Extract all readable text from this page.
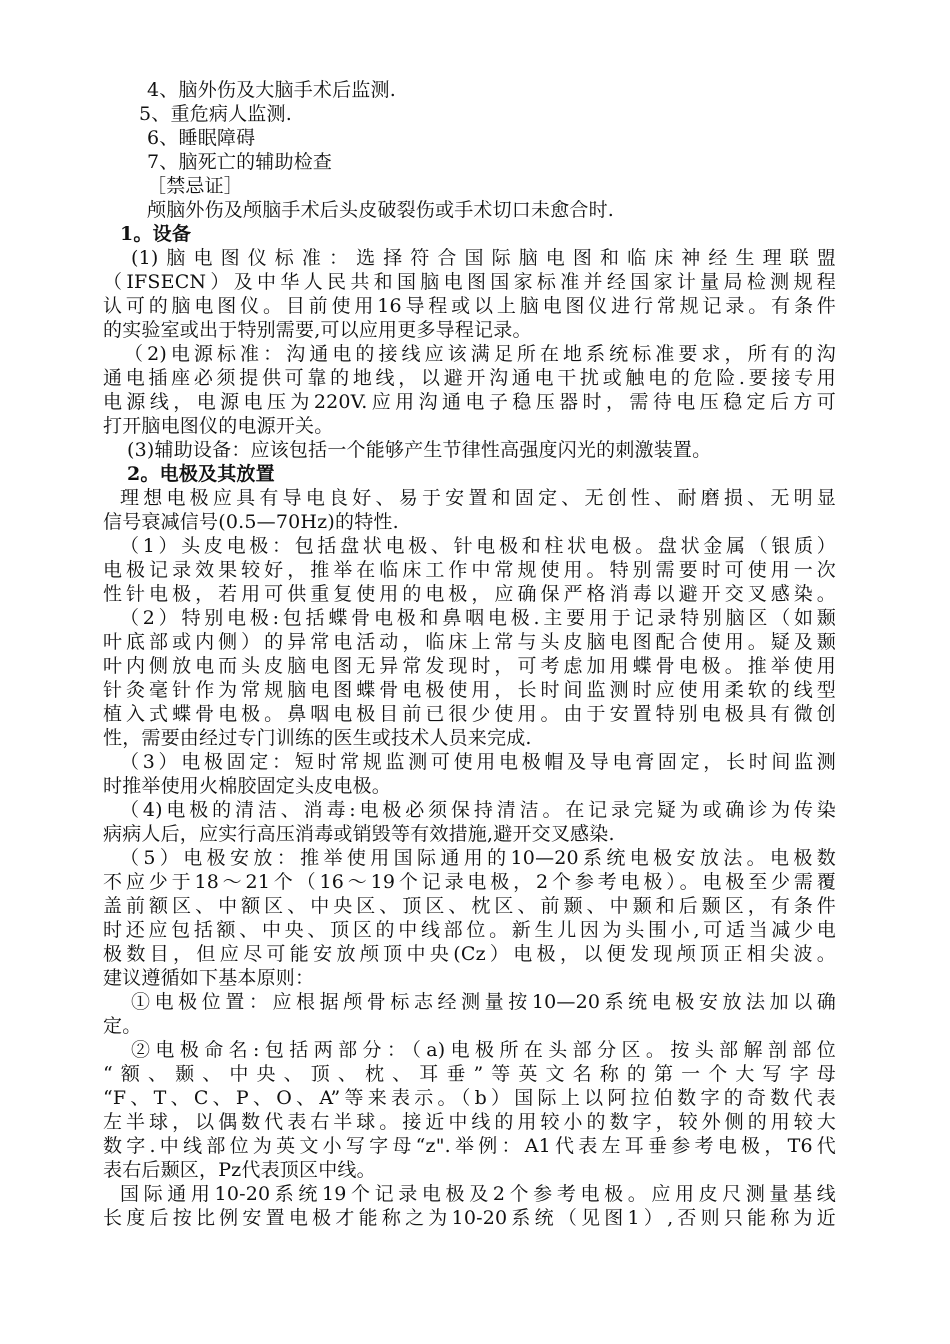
4、脑外伤及大脑手术后监测.
5、重危病人监测.
6、睡眠障碍
7、脑死亡的辅助检查
［禁忌证］
颅脑外伤及颅脑手术后头皮破裂伤或手术切口未愈合时.
1。设备
(1)脑电图仪标准：选择符合国际脑电图和临床神经生理联盟
（IFSECN）及中华人民共和国脑电图国家标准并经国家计量局检测规程
认可的脑电图仪。目前使用16导程或以上脑电图仪进行常规记录。有条件
的实验室或出于特别需要,可以应用更多导程记录。
（2)电源标准：沟通电的接线应该满足所在地系统标准要求，所有的沟
通电插座必须提供可靠的地线，以避开沟通电干扰或触电的危险.要接专用
电源线，电源电压为220V.应用沟通电子稳压器时，需待电压稳定后方可
打开脑电图仪的电源开关。
(3)辅助设备：应该包括一个能够产生节律性高强度闪光的刺激装置。
2。电极及其放置
理想电极应具有导电良好、易于安置和固定、无创性、耐磨损、无明显
信号衰减信号(0.5—70Hz)的特性.
（1）头皮电极：包括盘状电极、针电极和柱状电极。盘状金属（银质）
电极记录效果较好，推举在临床工作中常规使用。特别需要时可使用一次
性针电极，若用可供重复使用的电极，应确保严格消毒以避开交叉感染。
（2）特别电极:包括蝶骨电极和鼻咽电极.主要用于记录特别脑区（如颞
叶底部或内侧）的异常电活动，临床上常与头皮脑电图配合使用。疑及颞
叶内侧放电而头皮脑电图无异常发现时，可考虑加用蝶骨电极。推举使用
针灸毫针作为常规脑电图蝶骨电极使用，长时间监测时应使用柔软的线型
植入式蝶骨电极。鼻咽电极目前已很少使用。由于安置特别电极具有微创
性，需要由经过专门训练的医生或技术人员来完成.
（3）电极固定：短时常规监测可使用电极帽及导电膏固定，长时间监测
时推举使用火棉胶固定头皮电极。
（4)电极的清洁、消毒:电极必须保持清洁。在记录完疑为或确诊为传染
病病人后，应实行高压消毒或销毁等有效措施,避开交叉感染.
（5）电极安放：推举使用国际通用的10—20系统电极安放法。电极数
不应少于18～21个（16～19个记录电极，2个参考电极）。电极至少需覆
盖前额区、中额区、中央区、顶区、枕区、前颞、中颞和后颞区，有条件
时还应包括额、中央、顶区的中线部位。新生儿因为头围小,可适当减少电
极数目，但应尽可能安放颅顶中央(Cz）电极，以便发现颅顶正相尖波。
建议遵循如下基本原则：
①电极位置：应根据颅骨标志经测量按10—20系统电极安放法加以确
定。
②电极命名:包括两部分：（a)电极所在头部分区。按头部解剖部位
“额、颞、中央、顶、枕、耳垂”等英文名称的第一个大写字母
“F、T、C、P、O、A”等来表示。（b）国际上以阿拉伯数字的奇数代表
左半球，以偶数代表右半球。接近中线的用较小的数字，较外侧的用较大
数字.中线部位为英文小写字母“z".举例：A1代表左耳垂参考电极，T6代
表右后颞区，Pz代表顶区中线。
国际通用10-20系统19个记录电极及2个参考电极。应用皮尺测量基线
长度后按比例安置电极才能称之为10-20系统（见图1）,否则只能称为近
